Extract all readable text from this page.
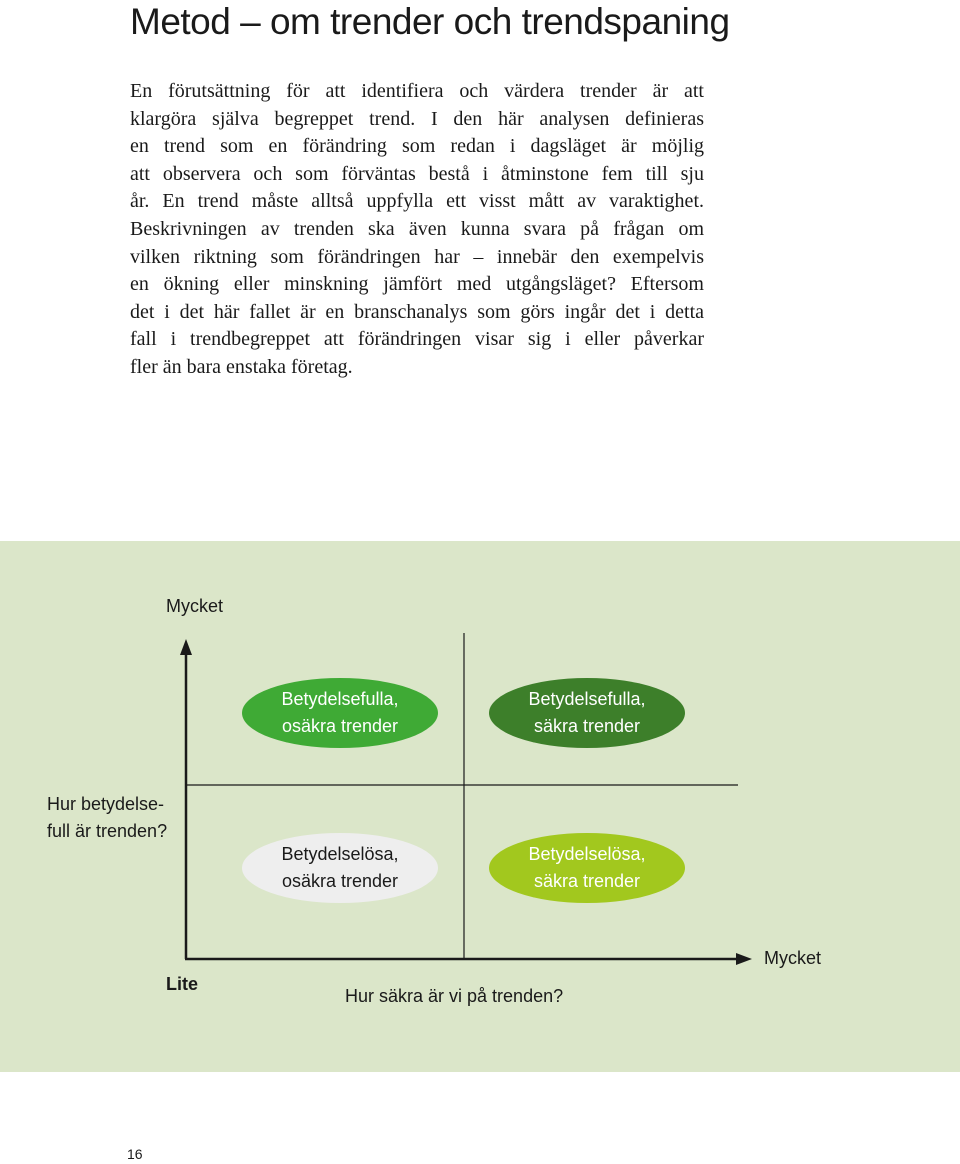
Metod – om trender och trendspaning
En förutsättning för att identifiera och värdera trender är att
klargöra själva begreppet trend. I den här analysen definieras
en trend som en förändring som redan i dagsläget är möjlig
att observera och som förväntas bestå i åtminstone fem till sju
år. En trend måste alltså uppfylla ett visst mått av varaktighet.
Beskrivningen av trenden ska även kunna svara på frågan om
vilken riktning som förändringen har – innebär den exempelvis
en ökning eller minskning jämfört med utgångsläget? Eftersom
det i det här fallet är en branschanalys som görs ingår det i detta
fall i trendbegreppet att förändringen visar sig i eller påverkar
fler än bara enstaka företag.
Mycket
Hur betydelse-
full är trenden?
Lite
Hur säkra är vi på trenden?
Mycket
Betydelsefulla,
osäkra trender
Betydelsefulla,
säkra trender
Betydelselösa,
osäkra trender
Betydelselösa,
säkra trender
16
